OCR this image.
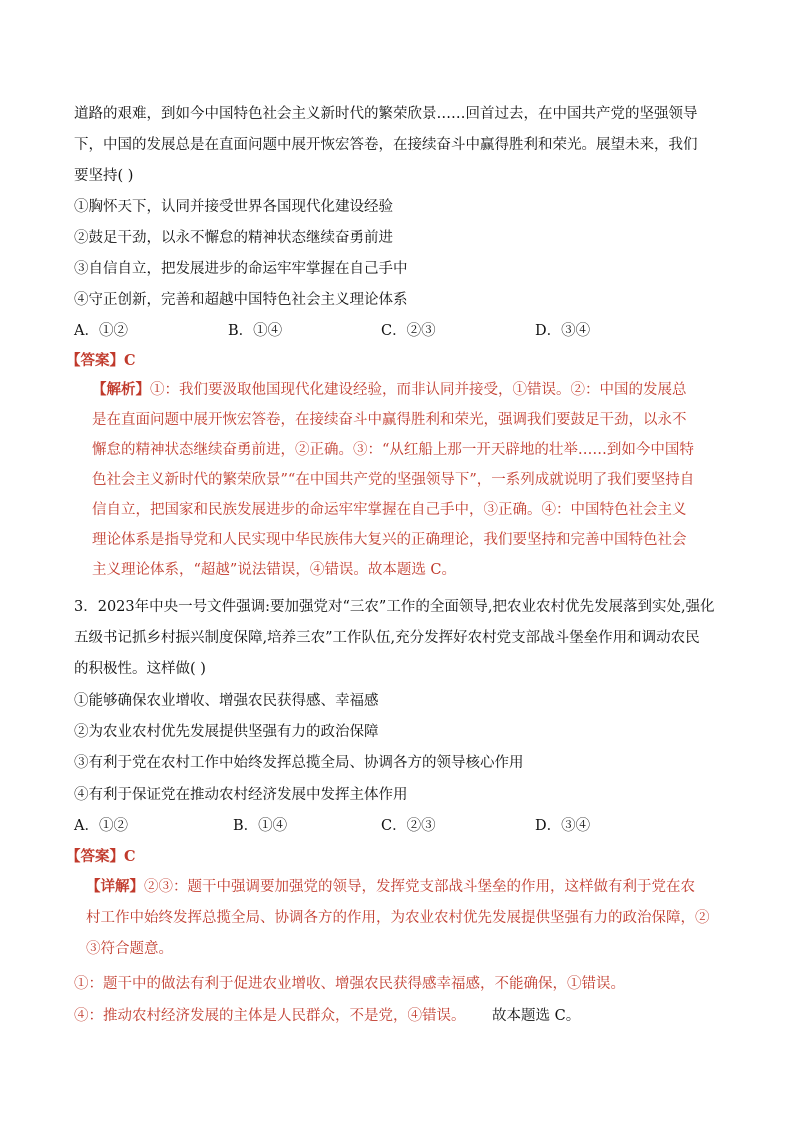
道路的艰难，到如今中国特色社会主义新时代的繁荣欣景……回首过去，在中国共产党的坚强领导
下，中国的发展总是在直面问题中展开恢宏答卷，在接续奋斗中赢得胜利和荣光。展望未来，我们
要坚持( )
①胸怀天下，认同并接受世界各国现代化建设经验
②鼓足干劲，以永不懈怠的精神状态继续奋勇前进
③自信自立，把发展进步的命运牢牢掌握在自己手中
④守正创新，完善和超越中国特色社会主义理论体系
A．①②	B．①④	C．②③	D．③④
【答案】C
【解析】①：我们要汲取他国现代化建设经验，而非认同并接受，①错误。②：中国的发展总
是在直面问题中展开恢宏答卷，在接续奋斗中赢得胜利和荣光，强调我们要鼓足干劲，以永不
懈怠的精神状态继续奋勇前进，②正确。③：“从红船上那一开天辟地的壮举……到如今中国特
色社会主义新时代的繁荣欣景”“在中国共产党的坚强领导下”，一系列成就说明了我们要坚持自
信自立，把国家和民族发展进步的命运牢牢掌握在自己手中，③正确。④：中国特色社会主义
理论体系是指导党和人民实现中华民族伟大复兴的正确理论，我们要坚持和完善中国特色社会
主义理论体系，“超越”说法错误，④错误。故本题选 C。
3．2023年中央一号文件强调:要加强党对“三农”工作的全面领导,把农业农村优先发展落到实处,强化
五级书记抓乡村振兴制度保障,培养三农”工作队伍,充分发挥好农村党支部战斗堡垒作用和调动农民
的积极性。这样做( )
①能够确保农业增收、增强农民获得感、幸福感
②为农业农村优先发展提供坚强有力的政治保障
③有利于党在农村工作中始终发挥总揽全局、协调各方的领导核心作用
④有利于保证党在推动农村经济发展中发挥主体作用
A．①②	B．①④	C．②③	D．③④
【答案】C
【详解】②③：题干中强调要加强党的领导，发挥党支部战斗堡垒的作用，这样做有利于党在农
村工作中始终发挥总揽全局、协调各方的作用，为农业农村优先发展提供坚强有力的政治保障，②
③符合题意。
①：题干中的做法有利于促进农业增收、增强农民获得感幸福感，不能确保，①错误。
④：推动农村经济发展的主体是人民群众，不是党，④错误。 故本题选 C。
